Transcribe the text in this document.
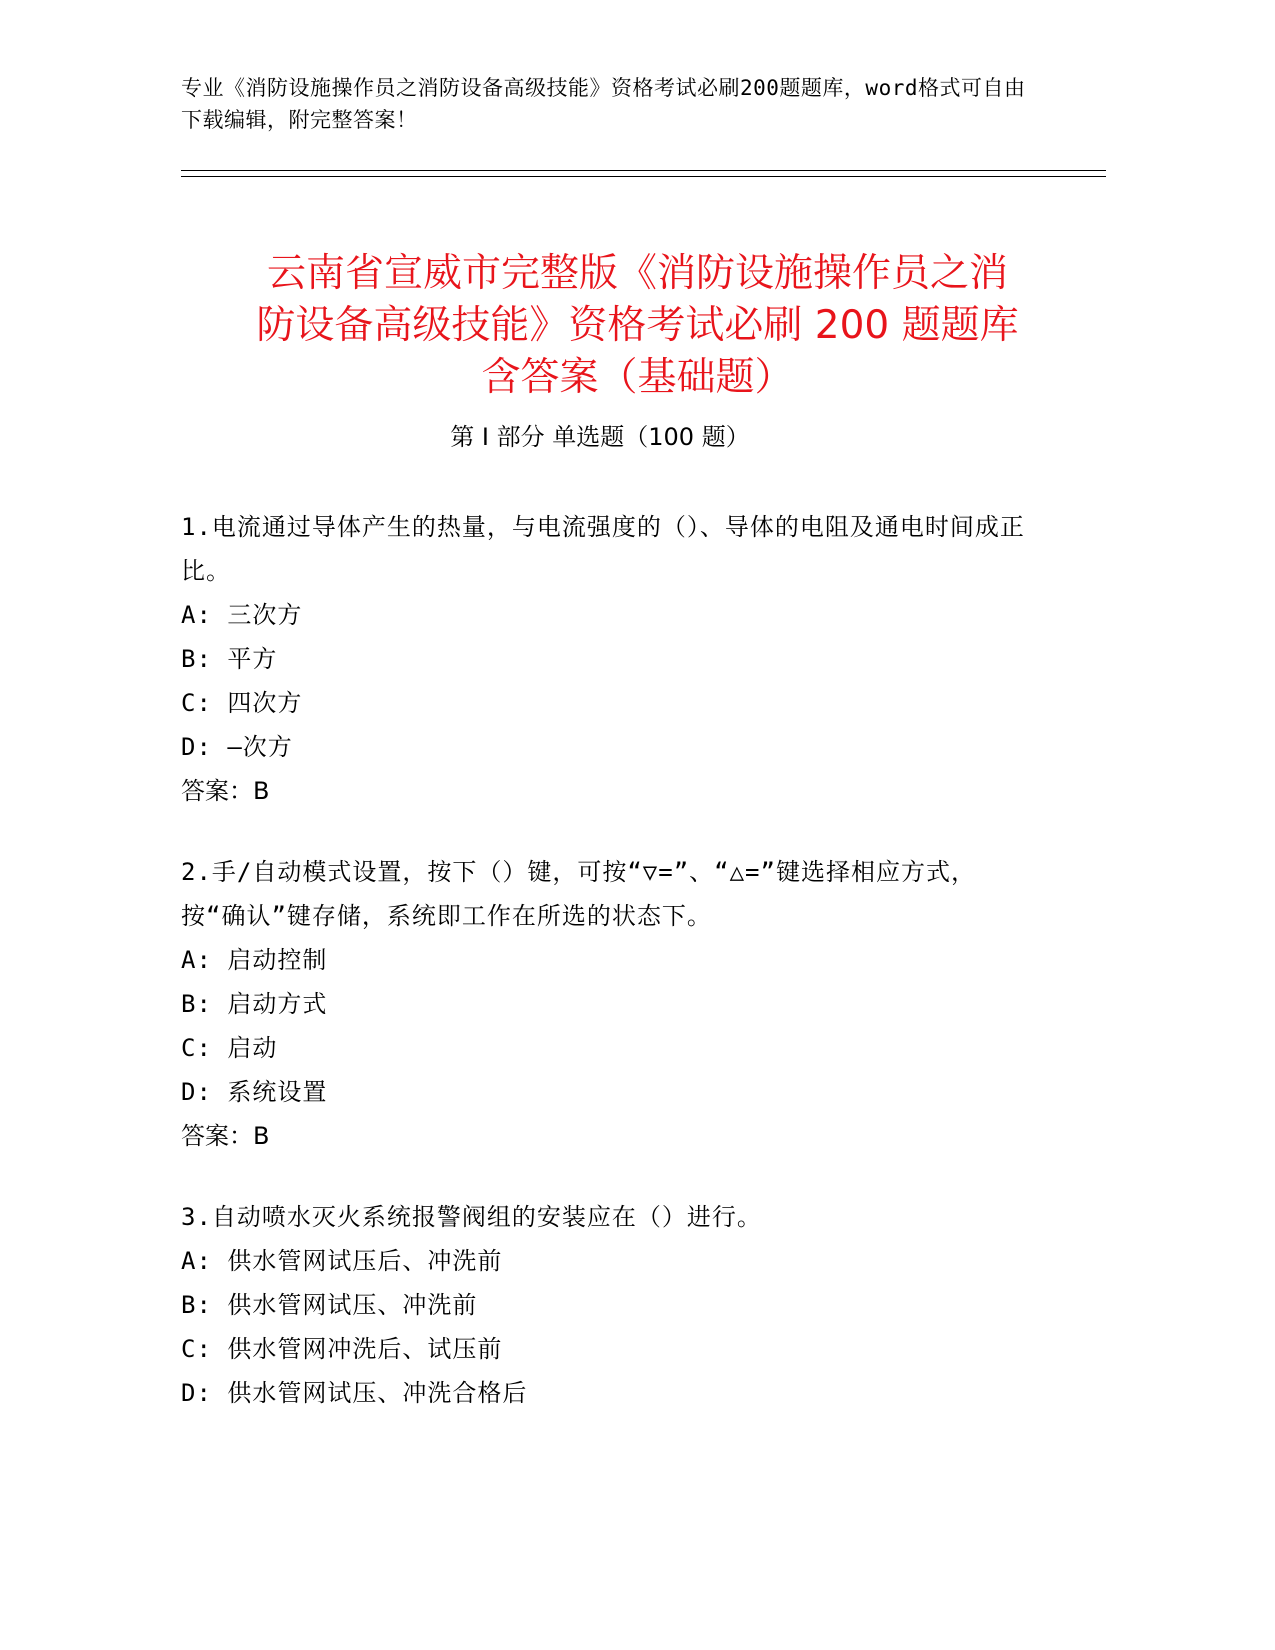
专业《消防设施操作员之消防设备高级技能》资格考试必刷200题题库，word格式可自由下载编辑，附完整答案！
云南省宣威市完整版《消防设施操作员之消
防设备高级技能》资格考试必刷 200 题题库
含答案（基础题）
第 I 部分 单选题（100 题）
1.电流通过导体产生的热量，与电流强度的（）、导体的电阻及通电时间成正比。
A: 三次方
B: 平方
C: 四次方
D: —次方
答案：B
2.手/自动模式设置，按下（）键，可按“▽=”、“△=”键选择相应方式，按“确认”键存储，系统即工作在所选的状态下。
A: 启动控制
B: 启动方式
C: 启动
D: 系统设置
答案：B
3.自动喷水灭火系统报警阀组的安装应在（）进行。
A: 供水管网试压后、冲洗前
B: 供水管网试压、冲洗前
C: 供水管网冲洗后、试压前
D: 供水管网试压、冲洗合格后
